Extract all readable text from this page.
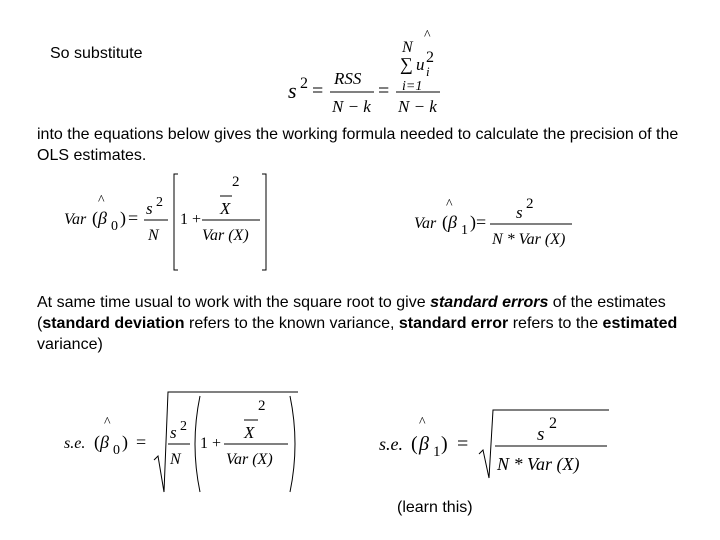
So substitute
s 2 =
RSS
N − k
=
^
N
∑ u i
2
i=1
N − k
into the equations below gives the working formula needed to calculate the precision of the OLS estimates.
^
Var ( β 0 ) = s 2
N
1 +
2
X
Var (X)
^
Var ( β 1 ) = s 2
N * Var (X)
At same time usual to work with the square root to give standard errors of the estimates
(standard deviation refers to the known variance, standard error refers to the estimated variance)
^
s.e. ( β 0 ) = s 2
N
1 +
2
X
Var (X)
^
s.e. ( β 1 ) =	s
2
N * Var (X)
(learn this)
